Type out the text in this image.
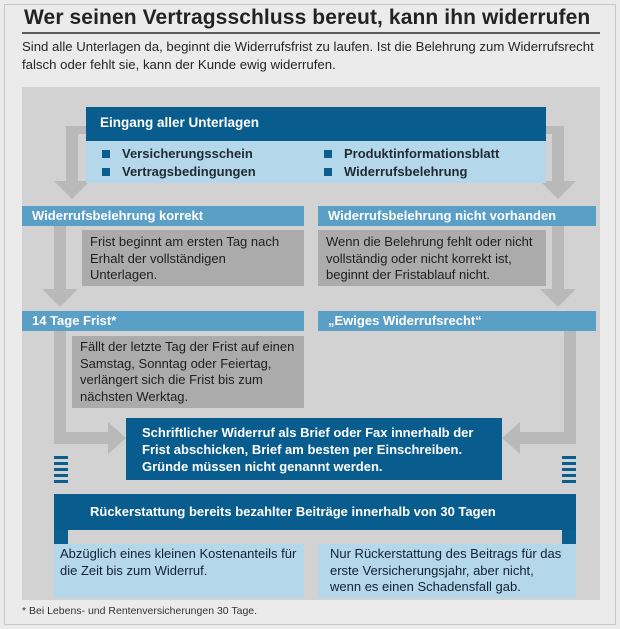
Wer seinen Vertragsschluss bereut, kann ihn widerrufen
Sind alle Unterlagen da, beginnt die Widerrufsfrist zu laufen. Ist die Belehrung zum Widerrufsrecht falsch oder fehlt sie, kann der Kunde ewig widerrufen.
Eingang aller Unterlagen
Versicherungsschein	Produktinformationsblatt
Vertragsbedingungen	Widerrufsbelehrung
Widerrufsbelehrung korrekt
Frist beginnt am ersten Tag nach Erhalt der vollständigen Unterlagen.
Widerrufsbelehrung nicht vorhanden
Wenn die Belehrung fehlt oder nicht vollständig oder nicht korrekt ist, beginnt der Fristablauf nicht.
14 Tage Frist*
Fällt der letzte Tag der Frist auf einen Samstag, Sonntag oder Feiertag, verlängert sich die Frist bis zum nächsten Werktag.
„Ewiges Widerrufsrecht“
Schriftlicher Widerruf als Brief oder Fax innerhalb der Frist abschicken, Brief am besten per Einschreiben. Gründe müssen nicht genannt werden.
Rückerstattung bereits bezahlter Beiträge innerhalb von 30 Tagen
Abzüglich eines kleinen Kostenanteils für die Zeit bis zum Widerruf.
Nur Rückerstattung des Beitrags für das erste Versicherungsjahr, aber nicht, wenn es einen Schadensfall gab.
* Bei Lebens- und Rentenversicherungen 30 Tage.
